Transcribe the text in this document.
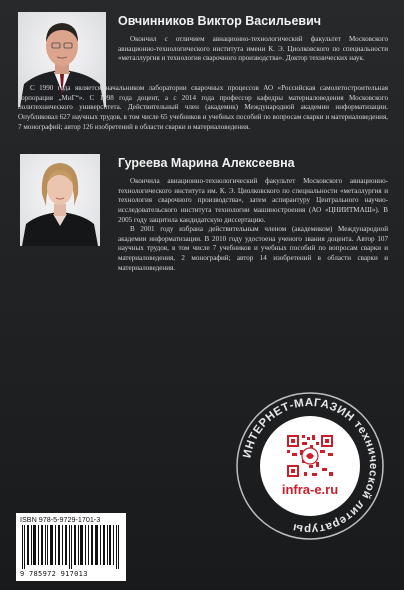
Овчинников Виктор Васильевич

Окончил с отличием авиационно-технологический факультет Московского авиационно-технологического института имени К. Э. Циолковского по специальности «металлургия и технология сварочного производства». Доктор технических наук.

С 1990 года является начальником лаборатории сварочных процессов АО «Российская самолетостроительная корпорация „МиГ“». С 1998 года доцент, а с 2014 года профессор кафедры материаловедения Московского политехнического университета. Действительный член (академик) Международной академии информатизации. Опубликовал 627 научных трудов, в том числе 65 учебников и учебных пособий по вопросам сварки и материаловедения, 7 монографий; автор 126 изобретений в области сварки и материаловедения.

Гуреева Марина Алексеевна

Окончила авиационно-технологический факультет Московского авиационно-технологического института им. К. Э. Циолковского по специальности «металлургия и технология сварочного производства», затем аспирантуру Центрального научно-исследовательского института технологии машиностроения (АО «ЦНИИТМАШ»). В 2005 году защитила кандидатскую диссертацию.

В 2001 году избрана действительным членом (академиком) Международной академии информатизации. В 2010 году удостоена ученого звания доцента. Автор 107 научных трудов, в том числе 7 учебников и учебных пособий по вопросам сварки и материаловедения, 2 монографий; автор 14 изобретений в области сварки и материаловедения.

ISBN 978-5-9729-1701-3
9 785972 917013
ИНТЕРНЕТ-МАГАЗИН технической литературы
infra-e.ru
